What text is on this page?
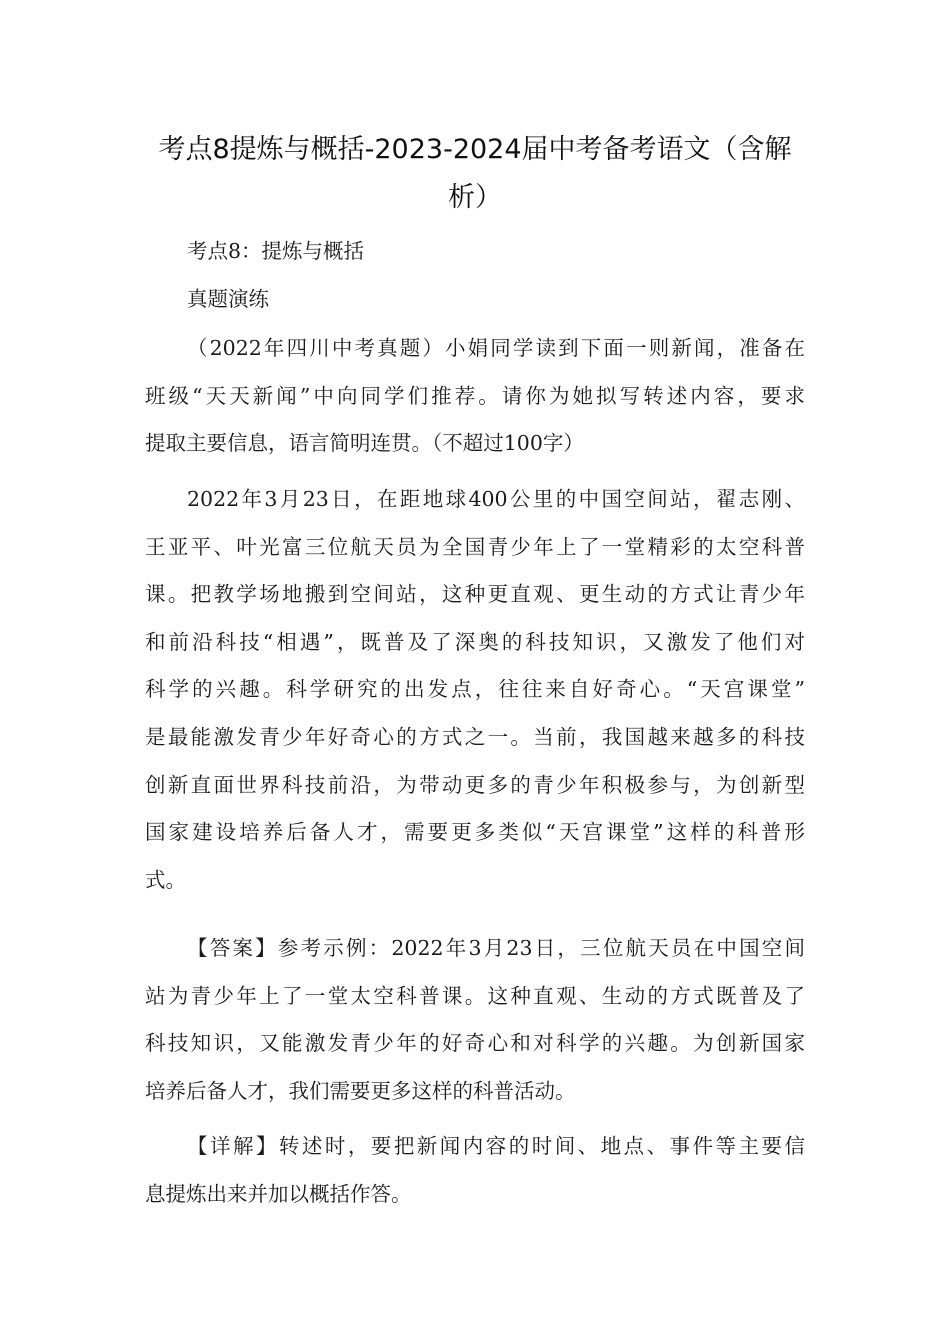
考点8提炼与概括-2023-2024届中考备考语文（含解
析）
考点8：提炼与概括
真题演练
（2022年四川中考真题）小娟同学读到下面一则新闻，准备在
班级“天天新闻”中向同学们推荐。请你为她拟写转述内容，要求
提取主要信息，语言简明连贯。（不超过100字）
2022年3月23日，在距地球400公里的中国空间站，翟志刚、
王亚平、叶光富三位航天员为全国青少年上了一堂精彩的太空科普
课。把教学场地搬到空间站，这种更直观、更生动的方式让青少年
和前沿科技“相遇”，既普及了深奥的科技知识，又激发了他们对
科学的兴趣。科学研究的出发点，往往来自好奇心。“天宫课堂”
是最能激发青少年好奇心的方式之一。当前，我国越来越多的科技
创新直面世界科技前沿，为带动更多的青少年积极参与，为创新型
国家建设培养后备人才，需要更多类似“天宫课堂”这样的科普形
式。
【答案】参考示例：2022年3月23日，三位航天员在中国空间
站为青少年上了一堂太空科普课。这种直观、生动的方式既普及了
科技知识，又能激发青少年的好奇心和对科学的兴趣。为创新国家
培养后备人才，我们需要更多这样的科普活动。
【详解】转述时，要把新闻内容的时间、地点、事件等主要信
息提炼出来并加以概括作答。
